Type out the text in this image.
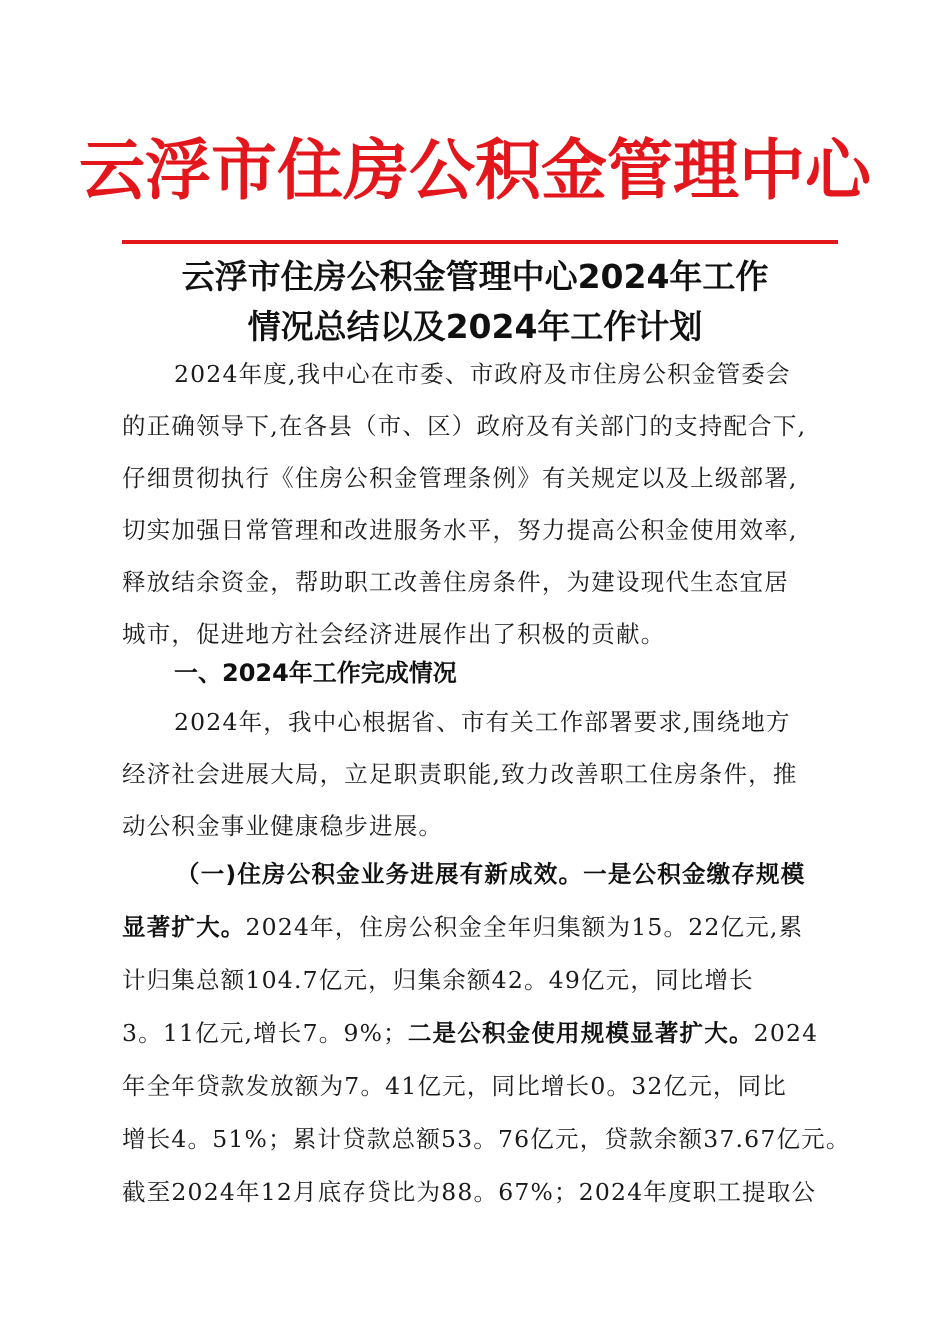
云浮市住房公积金管理中心
云浮市住房公积金管理中心2024年工作
情况总结以及2024年工作计划
2024年度,我中心在市委、市政府及市住房公积金管委会
的正确领导下,在各县（市、区）政府及有关部门的支持配合下,
仔细贯彻执行《住房公积金管理条例》有关规定以及上级部署,
切实加强日常管理和改进服务水平，努力提高公积金使用效率,
释放结余资金，帮助职工改善住房条件，为建设现代生态宜居
城市，促进地方社会经济进展作出了积极的贡献。
一、2024年工作完成情况
2024年，我中心根据省、市有关工作部署要求,围绕地方
经济社会进展大局，立足职责职能,致力改善职工住房条件，推
动公积金事业健康稳步进展。
（一)住房公积金业务进展有新成效。一是公积金缴存规模
显著扩大。2024年，住房公积金全年归集额为15。22亿元,累
计归集总额104.7亿元，归集余额42。49亿元，同比增长
3。11亿元,增长7。9%；二是公积金使用规模显著扩大。2024
年全年贷款发放额为7。41亿元，同比增长0。32亿元，同比
增长4。51%；累计贷款总额53。76亿元，贷款余额37.67亿元。
截至2024年12月底存贷比为88。67%；2024年度职工提取公
